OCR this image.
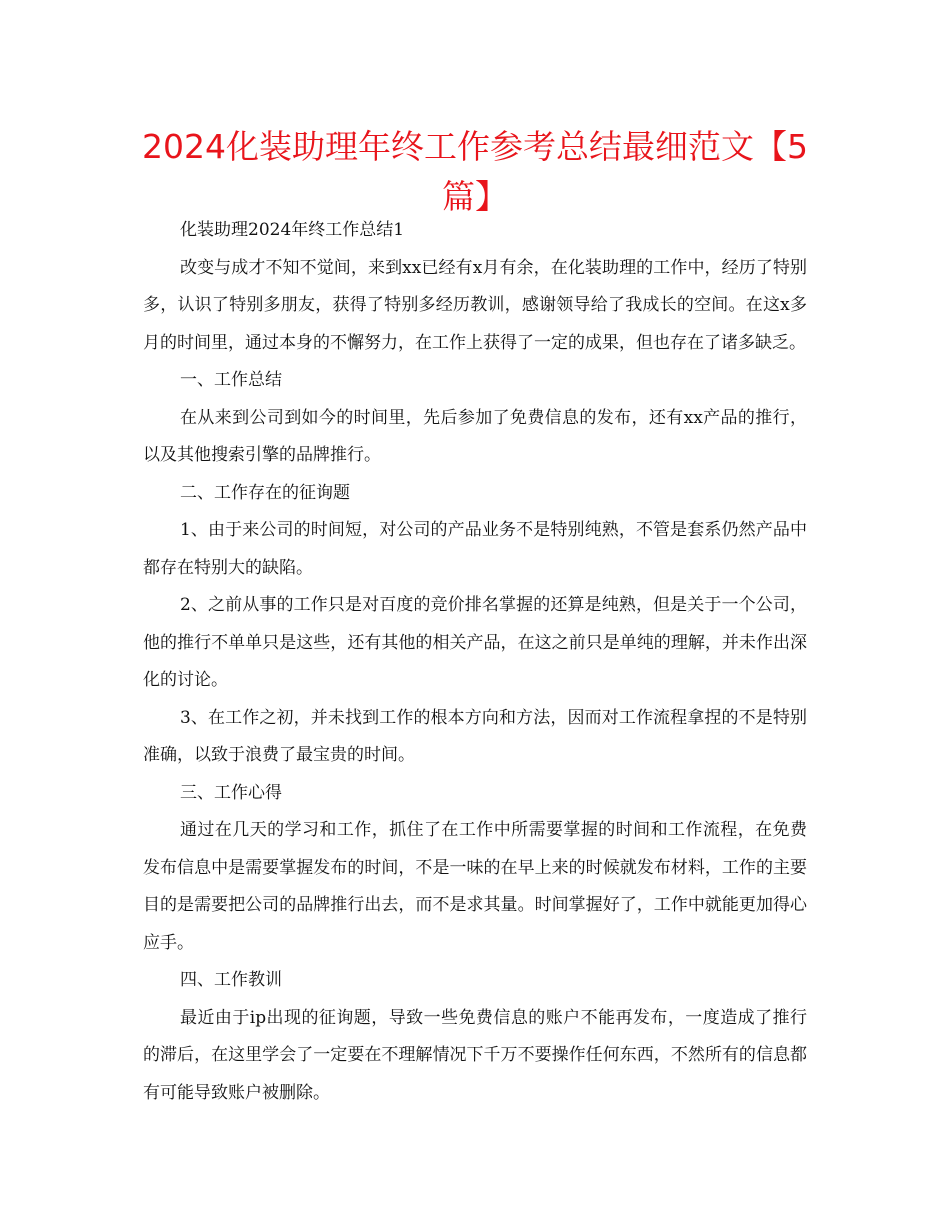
2024化装助理年终工作参考总结最细范文【5篇】

化装助理2024年终工作总结1

改变与成才不知不觉间，来到xx已经有x月有余，在化装助理的工作中，经历了特别多，认识了特别多朋友，获得了特别多经历教训，感谢领导给了我成长的空间。在这x多月的时间里，通过本身的不懈努力，在工作上获得了一定的成果，但也存在了诸多缺乏。

一、工作总结

在从来到公司到如今的时间里，先后参加了免费信息的发布，还有xx产品的推行，以及其他搜索引擎的品牌推行。

二、工作存在的征询题

1、由于来公司的时间短，对公司的产品业务不是特别纯熟，不管是套系仍然产品中都存在特别大的缺陷。

2、之前从事的工作只是对百度的竞价排名掌握的还算是纯熟，但是关于一个公司，他的推行不单单只是这些，还有其他的相关产品，在这之前只是单纯的理解，并未作出深化的讨论。

3、在工作之初，并未找到工作的根本方向和方法，因而对工作流程拿捏的不是特别准确，以致于浪费了最宝贵的时间。

三、工作心得

通过在几天的学习和工作，抓住了在工作中所需要掌握的时间和工作流程，在免费发布信息中是需要掌握发布的时间，不是一味的在早上来的时候就发布材料，工作的主要目的是需要把公司的品牌推行出去，而不是求其量。时间掌握好了，工作中就能更加得心应手。

四、工作教训

最近由于ip出现的征询题，导致一些免费信息的账户不能再发布，一度造成了推行的滞后，在这里学会了一定要在不理解情况下千万不要操作任何东西，不然所有的信息都有可能导致账户被删除。
